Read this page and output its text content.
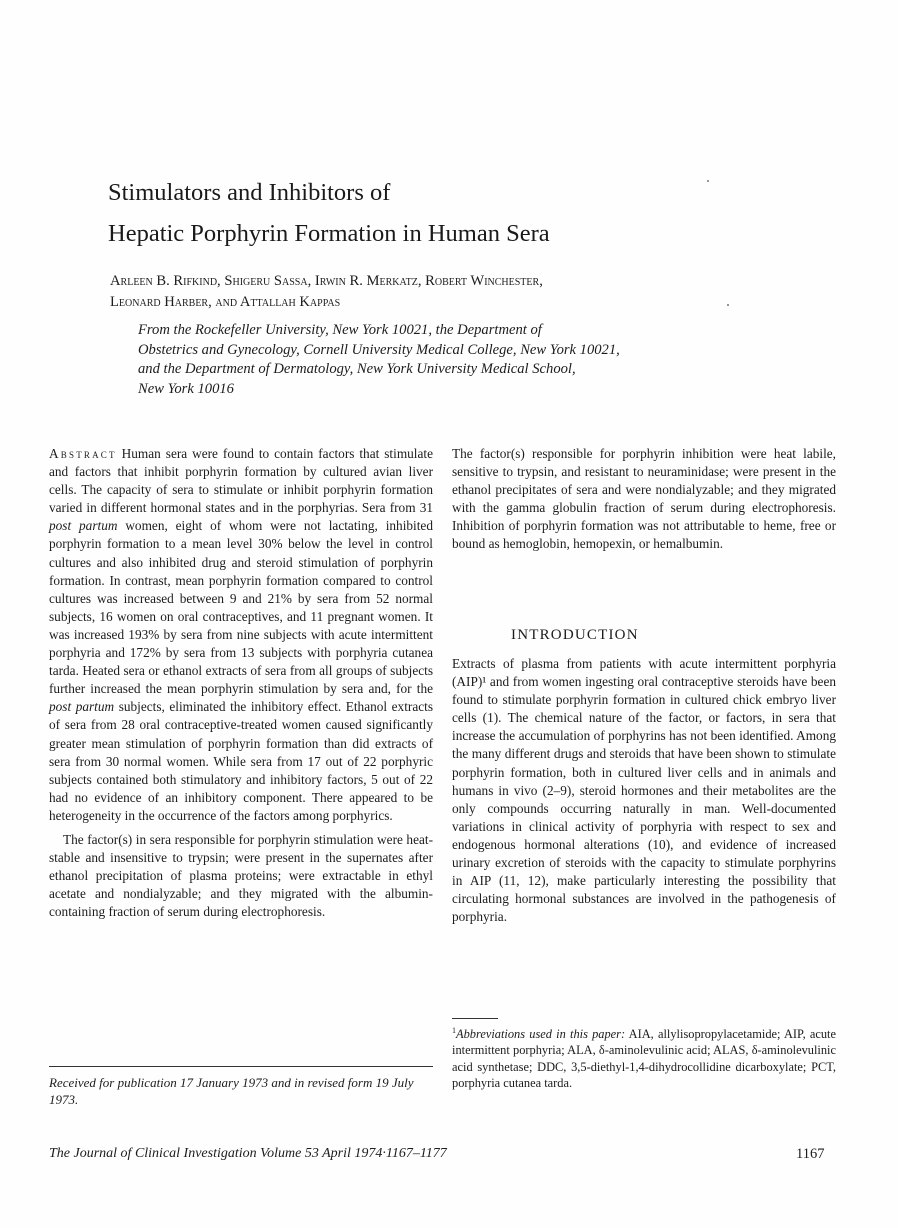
Stimulators and Inhibitors of
Hepatic Porphyrin Formation in Human Sera
Arleen B. Rifkind, Shigeru Sassa, Irwin R. Merkatz, Robert Winchester,
Leonard Harber, and Attallah Kappas
From the Rockefeller University, New York 10021, the Department of
Obstetrics and Gynecology, Cornell University Medical College, New York 10021,
and the Department of Dermatology, New York University Medical School,
New York 10016

Abstract Human sera were found to contain factors that stimulate and factors that inhibit porphyrin formation by cultured avian liver cells. The capacity of sera to stimulate or inhibit porphyrin formation varied in different hormonal states and in the porphyrias. Sera from 31 post partum women, eight of whom were not lactating, inhibited porphyrin formation to a mean level 30% below the level in control cultures and also inhibited drug and steroid stimulation of porphyrin formation. In contrast, mean porphyrin formation compared to control cultures was increased between 9 and 21% by sera from 52 normal subjects, 16 women on oral contraceptives, and 11 pregnant women. It was increased 193% by sera from nine subjects with acute intermittent porphyria and 172% by sera from 13 subjects with porphyria cutanea tarda. Heated sera or ethanol extracts of sera from all groups of subjects further increased the mean porphyrin stimulation by sera and, for the post partum subjects, eliminated the inhibitory effect. Ethanol extracts of sera from 28 oral contraceptive-treated women caused significantly greater mean stimulation of porphyrin formation than did extracts of sera from 30 normal women. While sera from 17 out of 22 porphyric subjects contained both stimulatory and inhibitory factors, 5 out of 22 had no evidence of an inhibitory component. There appeared to be heterogeneity in the occurrence of the factors among porphyrics.

The factor(s) in sera responsible for porphyrin stimulation were heat-stable and insensitive to trypsin; were present in the supernates after ethanol precipitation of plasma proteins; were extractable in ethyl acetate and nondialyzable; and they migrated with the albumin-containing fraction of serum during electrophoresis.

Received for publication 17 January 1973 and in revised form 19 July 1973.

The factor(s) responsible for porphyrin inhibition were heat labile, sensitive to trypsin, and resistant to neuraminidase; were present in the ethanol precipitates of sera and were nondialyzable; and they migrated with the gamma globulin fraction of serum during electrophoresis. Inhibition of porphyrin formation was not attributable to heme, free or bound as hemoglobin, hemopexin, or hemalbumin.

INTRODUCTION

Extracts of plasma from patients with acute intermittent porphyria (AIP)¹ and from women ingesting oral contraceptive steroids have been found to stimulate porphyrin formation in cultured chick embryo liver cells (1). The chemical nature of the factor, or factors, in sera that increase the accumulation of porphyrins has not been identified. Among the many different drugs and steroids that have been shown to stimulate porphyrin formation, both in cultured liver cells and in animals and humans in vivo (2–9), steroid hormones and their metabolites are the only compounds occurring naturally in man. Well-documented variations in clinical activity of porphyria with respect to sex and endogenous hormonal alterations (10), and evidence of increased urinary excretion of steroids with the capacity to stimulate porphyrins in AIP (11, 12), make particularly interesting the possibility that circulating hormonal substances are involved in the pathogenesis of porphyria.

$^1$Abbreviations used in this paper: AIA, allylisopropylacetamide; AIP, acute intermittent porphyria; ALA, δ-aminolevulinic acid; ALAS, δ-aminolevulinic acid synthetase; DDC, 3,5-diethyl-1,4-dihydrocollidine dicarboxylate; PCT, porphyria cutanea tarda.
The Journal of Clinical Investigation Volume 53 April 1974·1167–1177	1167
